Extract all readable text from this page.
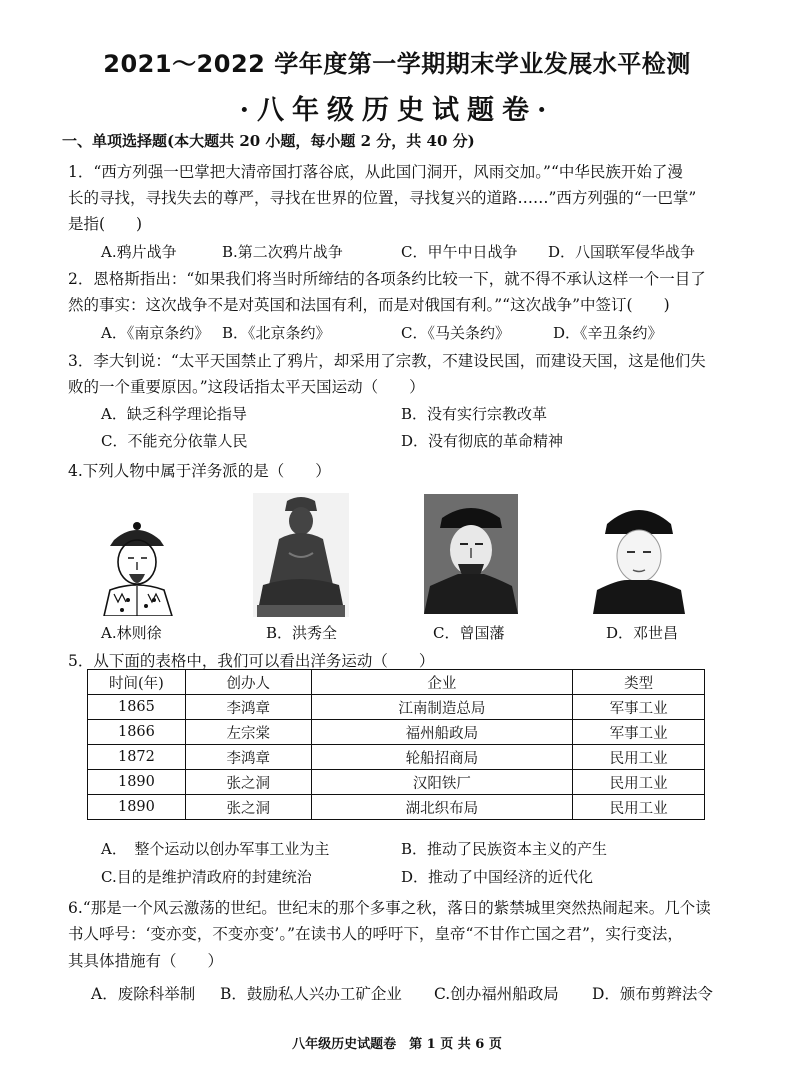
2021～2022 学年度第一学期期末学业发展水平检测
·八年级历史试题卷·
一、单项选择题(本大题共 20 小题，每小题 2 分，共 40 分)
1．“西方列强一巴掌把大清帝国打落谷底，从此国门洞开，风雨交加。”“中华民族开始了漫
长的寻找，寻找失去的尊严，寻找在世界的位置，寻找复兴的道路……”西方列强的“一巴掌”
是指(　　)
A.鸦片战争	B.第二次鸦片战争	C．甲午中日战争 D．八国联军侵华战争
2．恩格斯指出：“如果我们将当时所缔结的各项条约比较一下，就不得不承认这样一个一目了
然的事实：这次战争不是对英国和法国有利，而是对俄国有利。”“这次战争”中签订(　　)
A．《南京条约》 B．《北京条约》	C．《马关条约》	D．《辛丑条约》
3．李大钊说：“太平天国禁止了鸦片，却采用了宗教，不建设民国，而建设天国，这是他们失
败的一个重要原因。”这段话指太平天国运动（　　）
A．缺乏科学理论指导	B．没有实行宗教改革
C．不能充分依靠人民	D．没有彻底的革命精神
4.下列人物中属于洋务派的是（　　）
A.林则徐	B．洪秀全	C．曾国藩	D．邓世昌
5．从下面的表格中，我们可以看出洋务运动（　　）
时间(年)	创办人	企业	类型
1865	李鸿章	江南制造总局	军事工业
1866	左宗棠	福州船政局	军事工业
1872	李鸿章	轮船招商局	民用工业
1890	张之洞	汉阳铁厂	民用工业
1890	张之洞	湖北织布局	民用工业
A．　整个运动以创办军事工业为主	B．推动了民族资本主义的产生
C.目的是维护清政府的封建统治	D．推动了中国经济的近代化
6.“那是一个风云激荡的世纪。世纪末的那个多事之秋，落日的紫禁城里突然热闹起来。几个读
书人呼号：‘变亦变，不变亦变’。”在读书人的呼吁下，皇帝“不甘作亡国之君”，实行变法，
其具体措施有（　　）
A．废除科举制 B．鼓励私人兴办工矿企业 C.创办福州船政局 D．颁布剪辫法令
八年级历史试题卷　第 1 页 共 6 页
